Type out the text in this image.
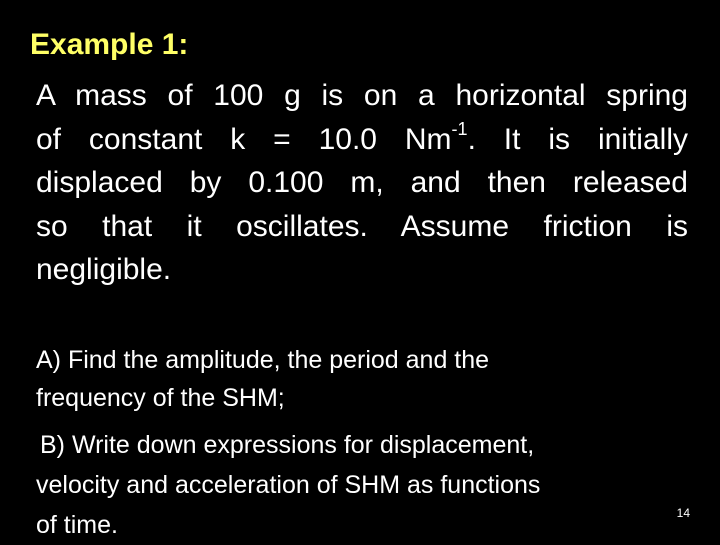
Example 1:
A mass of 100 g is on a horizontal spring
of constant k = 10.0 $Nm^{-1}$. It is initially
displaced by 0.100 m, and then released
so that it oscillates. Assume friction is
negligible.
A) Find the amplitude, the period and the
frequency of the SHM;
B) Write down expressions for displacement,
velocity and acceleration of SHM as functions
of time.	14
